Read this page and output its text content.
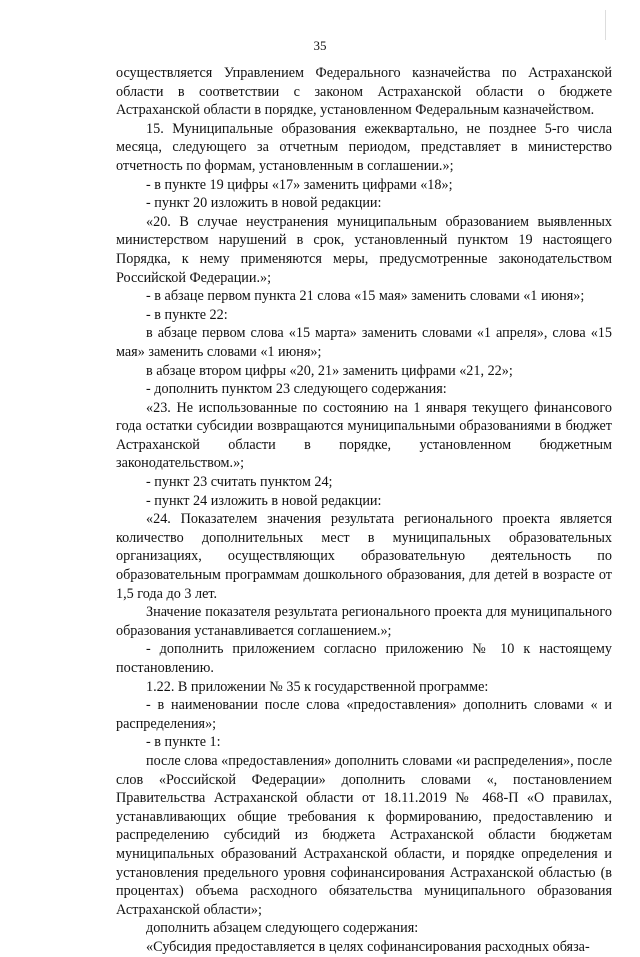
35

осуществляется Управлением Федерального казначейства по Астраханской области в соответствии с законом Астраханской области о бюджете Астраханской области в порядке, установленном Федеральным казначейством.

15. Муниципальные образования ежеквартально, не позднее 5-го числа месяца, следующего за отчетным периодом, представляет в министерство отчетность по формам, установленным в соглашении.»;

- в пункте 19 цифры «17» заменить цифрами «18»;

- пункт 20 изложить в новой редакции:

«20. В случае неустранения муниципальным образованием выявленных министерством нарушений в срок, установленный пунктом 19 настоящего Порядка, к нему применяются меры, предусмотренные законодательством Российской Федерации.»;

- в абзаце первом пункта 21 слова «15 мая» заменить словами «1 июня»;

- в пункте 22:

в абзаце первом слова «15 марта» заменить словами «1 апреля», слова «15 мая» заменить словами «1 июня»;

в абзаце втором цифры «20, 21» заменить цифрами «21, 22»;

- дополнить пунктом 23 следующего содержания:

«23. Не использованные по состоянию на 1 января текущего финансового года остатки субсидии возвращаются муниципальными образованиями в бюджет Астраханской области в порядке, установленном бюджетным законодательством.»;

- пункт 23 считать пунктом 24;

- пункт 24 изложить в новой редакции:

«24. Показателем значения результата регионального проекта является количество дополнительных мест в муниципальных образовательных организациях, осуществляющих образовательную деятельность по образовательным программам дошкольного образования, для детей в возрасте от 1,5 года до 3 лет.

Значение показателя результата регионального проекта для муниципального образования устанавливается соглашением.»;

- дополнить приложением согласно приложению № 10 к настоящему постановлению.

1.22. В приложении № 35 к государственной программе:

- в наименовании после слова «предоставления» дополнить словами « и распределения»;

- в пункте 1:

после слова «предоставления» дополнить словами «и распределения», после слов «Российской Федерации» дополнить словами «, постановлением Правительства Астраханской области от 18.11.2019 № 468-П «О правилах, устанавливающих общие требования к формированию, предоставлению и распределению субсидий из бюджета Астраханской области бюджетам муниципальных образований Астраханской области, и порядке определения и установления предельного уровня софинансирования Астраханской областью (в процентах) объема расходного обязательства муниципального образования Астраханской области»;

дополнить абзацем следующего содержания:

«Субсидия предоставляется в целях софинансирования расходных обяза-
